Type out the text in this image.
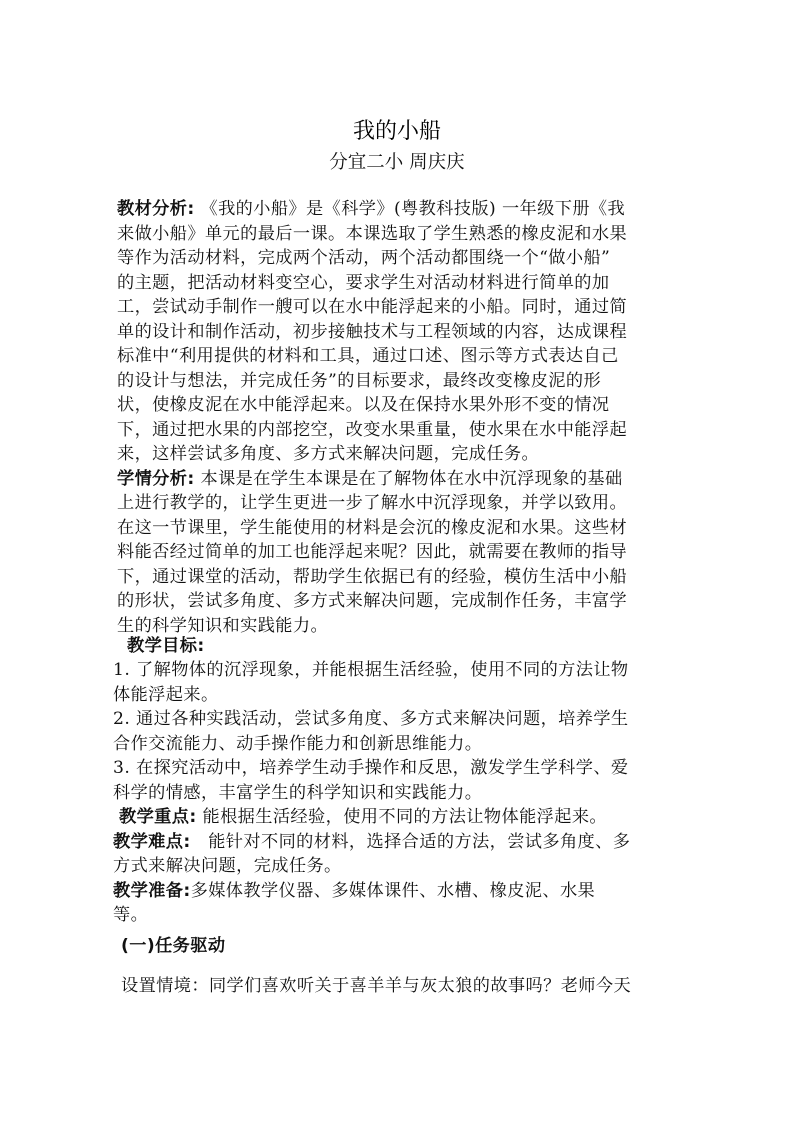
我的小船
分宜二小 周庆庆
教材分析: 《我的小船》是《科学》(粤教科技版) 一年级下册《我
来做小船》单元的最后一课。本课选取了学生熟悉的橡皮泥和水果
等作为活动材料，完成两个活动，两个活动都围绕一个“做小船”
的主题，把活动材料变空心，要求学生对活动材料进行简单的加
工，尝试动手制作一艘可以在水中能浮起来的小船。同时，通过简
单的设计和制作活动，初步接触技术与工程领域的内容，达成课程
标准中“利用提供的材料和工具，通过口述、图示等方式表达自己
的设计与想法，并完成任务”的目标要求，最终改变橡皮泥的形
状，使橡皮泥在水中能浮起来。以及在保持水果外形不变的情况
下，通过把水果的内部挖空，改变水果重量，使水果在水中能浮起
来，这样尝试多角度、多方式来解决问题，完成任务。
学情分析: 本课是在学生本课是在了解物体在水中沉浮现象的基础
上进行教学的，让学生更进一步了解水中沉浮现象，并学以致用。
在这一节课里，学生能使用的材料是会沉的橡皮泥和水果。这些材
料能否经过简单的加工也能浮起来呢？因此，就需要在教师的指导
下，通过课堂的活动，帮助学生依据已有的经验，模仿生活中小船
的形状，尝试多角度、多方式来解决问题，完成制作任务，丰富学
生的科学知识和实践能力。
教学目标:
1. 了解物体的沉浮现象，并能根据生活经验，使用不同的方法让物
体能浮起来。
2. 通过各种实践活动，尝试多角度、多方式来解决问题，培养学生
合作交流能力、动手操作能力和创新思维能力。
3. 在探究活动中，培养学生动手操作和反思，激发学生学科学、爱
科学的情感，丰富学生的科学知识和实践能力。
教学重点: 能根据生活经验，使用不同的方法让物体能浮起来。
教学难点:   能针对不同的材料，选择合适的方法，尝试多角度、多
方式来解决问题，完成任务。
教学准备:多媒体教学仪器、多媒体课件、水槽、橡皮泥、水果
等。
(一)任务驱动
设置情境：同学们喜欢听关于喜羊羊与灰太狼的故事吗？老师今天
